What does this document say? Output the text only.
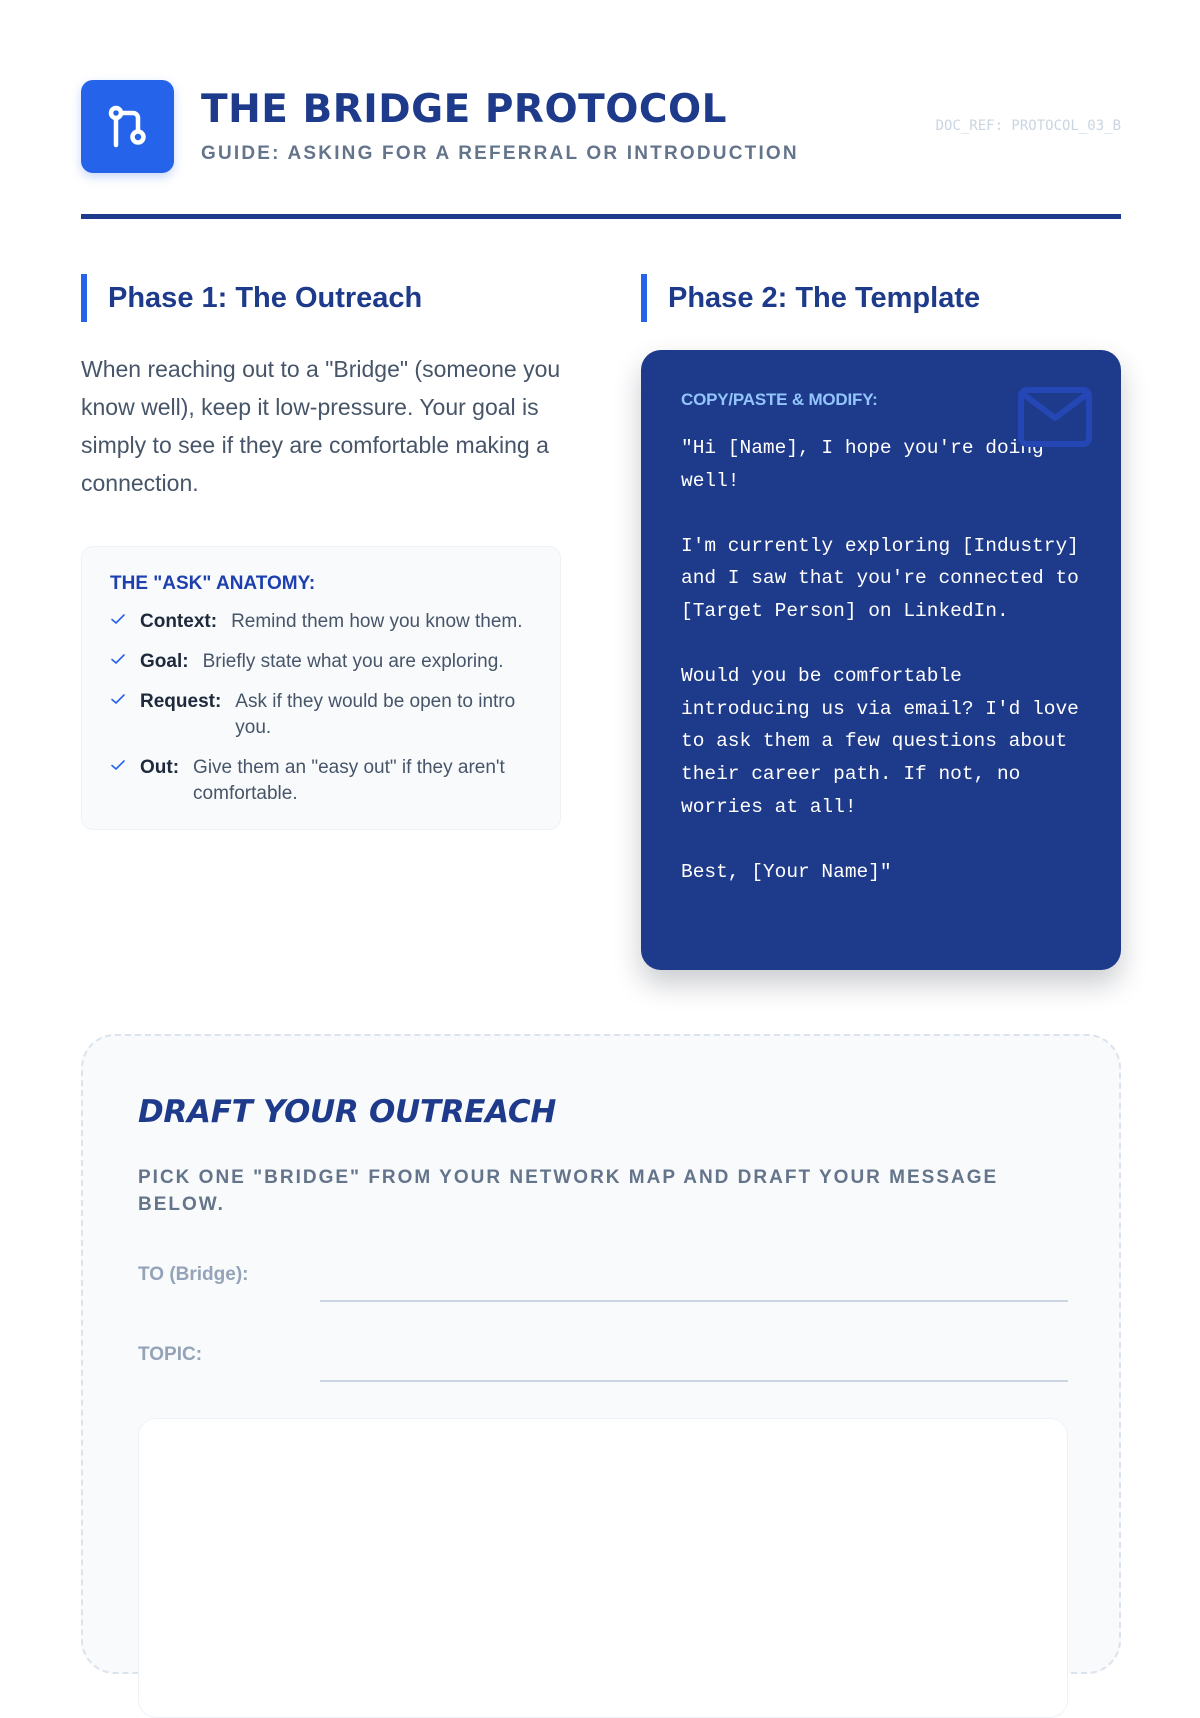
THE BRIDGE PROTOCOL
GUIDE: ASKING FOR A REFERRAL OR INTRODUCTION
DOC_REF: PROTOCOL_03_B
Phase 1: The Outreach

When reaching out to a "Bridge" (someone you know well), keep it low-pressure. Your goal is simply to see if they are comfortable making a connection.

THE "ASK" ANATOMY:
Context: Remind them how you know them.
Goal: Briefly state what you are exploring.
Request: Ask if they would be open to intro you.
Out: Give them an "easy out" if they aren't comfortable.
Phase 2: The Template
COPY/PASTE & MODIFY:
"Hi [Name], I hope you're doing well!

I'm currently exploring [Industry] and I saw that you're connected to [Target Person] on LinkedIn.

Would you be comfortable introducing us via email? I'd love to ask them a few questions about their career path. If not, no worries at all!

Best, [Your Name]"
DRAFT YOUR OUTREACH
PICK ONE "BRIDGE" FROM YOUR NETWORK MAP AND DRAFT YOUR MESSAGE BELOW.
TO (Bridge):
TOPIC:
